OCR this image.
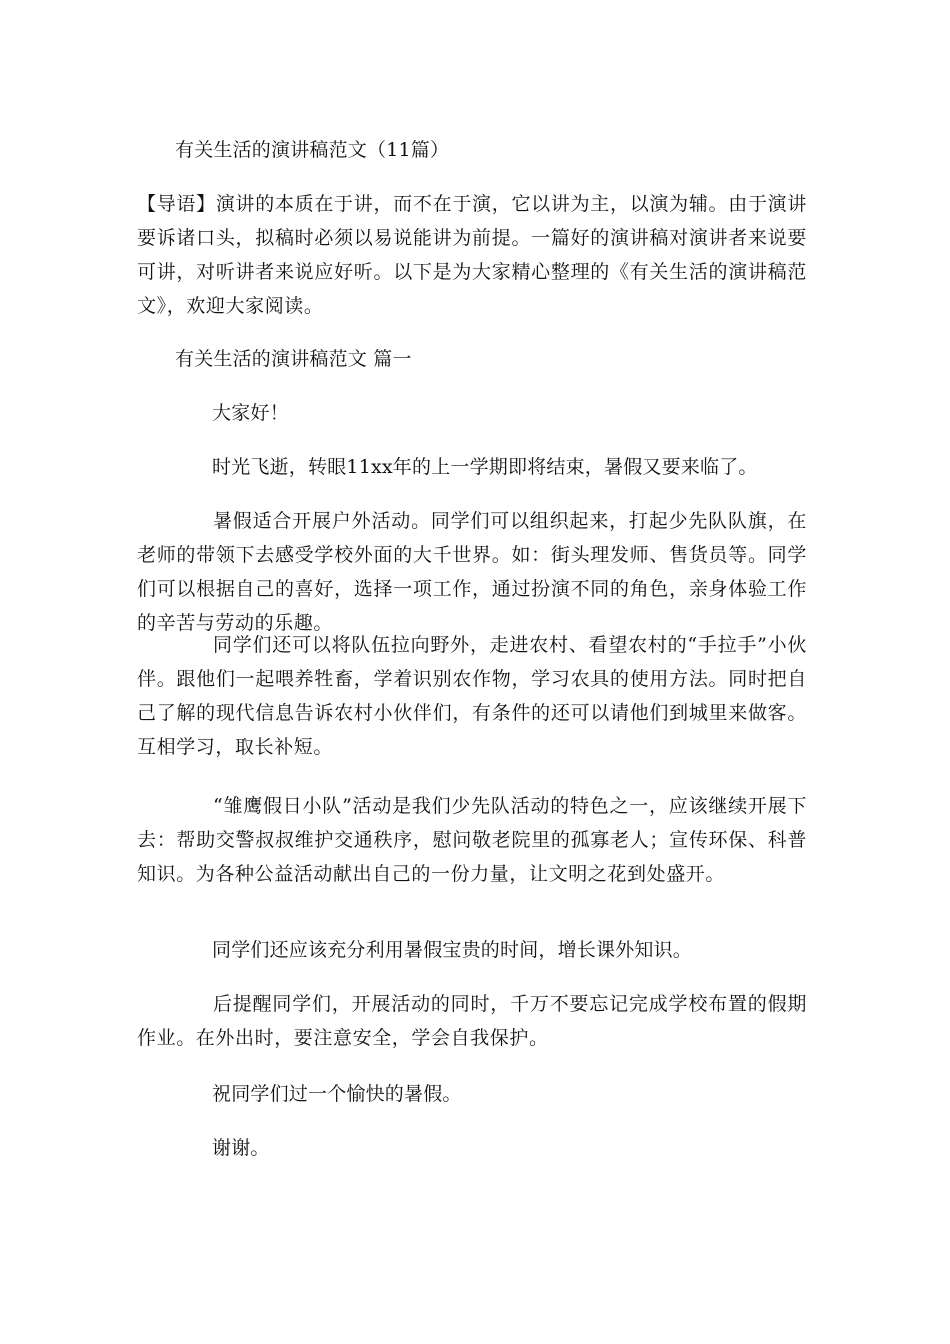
有关生活的演讲稿范文（11篇）
【导语】演讲的本质在于讲，而不在于演，它以讲为主，以演为辅。由于演讲要诉诸口头，拟稿时必须以易说能讲为前提。一篇好的演讲稿对演讲者来说要可讲，对听讲者来说应好听。以下是为大家精心整理的《有关生活的演讲稿范文》，欢迎大家阅读。
有关生活的演讲稿范文 篇一
大家好！
时光飞逝，转眼11xx年的上一学期即将结束，暑假又要来临了。
暑假适合开展户外活动。同学们可以组织起来，打起少先队队旗，在老师的带领下去感受学校外面的大千世界。如：街头理发师、售货员等。同学们可以根据自己的喜好，选择一项工作，通过扮演不同的角色，亲身体验工作的辛苦与劳动的乐趣。
同学们还可以将队伍拉向野外，走进农村、看望农村的“手拉手”小伙伴。跟他们一起喂养牲畜，学着识别农作物，学习农具的使用方法。同时把自己了解的现代信息告诉农村小伙伴们，有条件的还可以请他们到城里来做客。互相学习，取长补短。
“雏鹰假日小队”活动是我们少先队活动的特色之一，应该继续开展下去：帮助交警叔叔维护交通秩序，慰问敬老院里的孤寡老人；宣传环保、科普知识。为各种公益活动献出自己的一份力量，让文明之花到处盛开。
同学们还应该充分利用暑假宝贵的时间，增长课外知识。
后提醒同学们，开展活动的同时，千万不要忘记完成学校布置的假期作业。在外出时，要注意安全，学会自我保护。
祝同学们过一个愉快的暑假。
谢谢。
